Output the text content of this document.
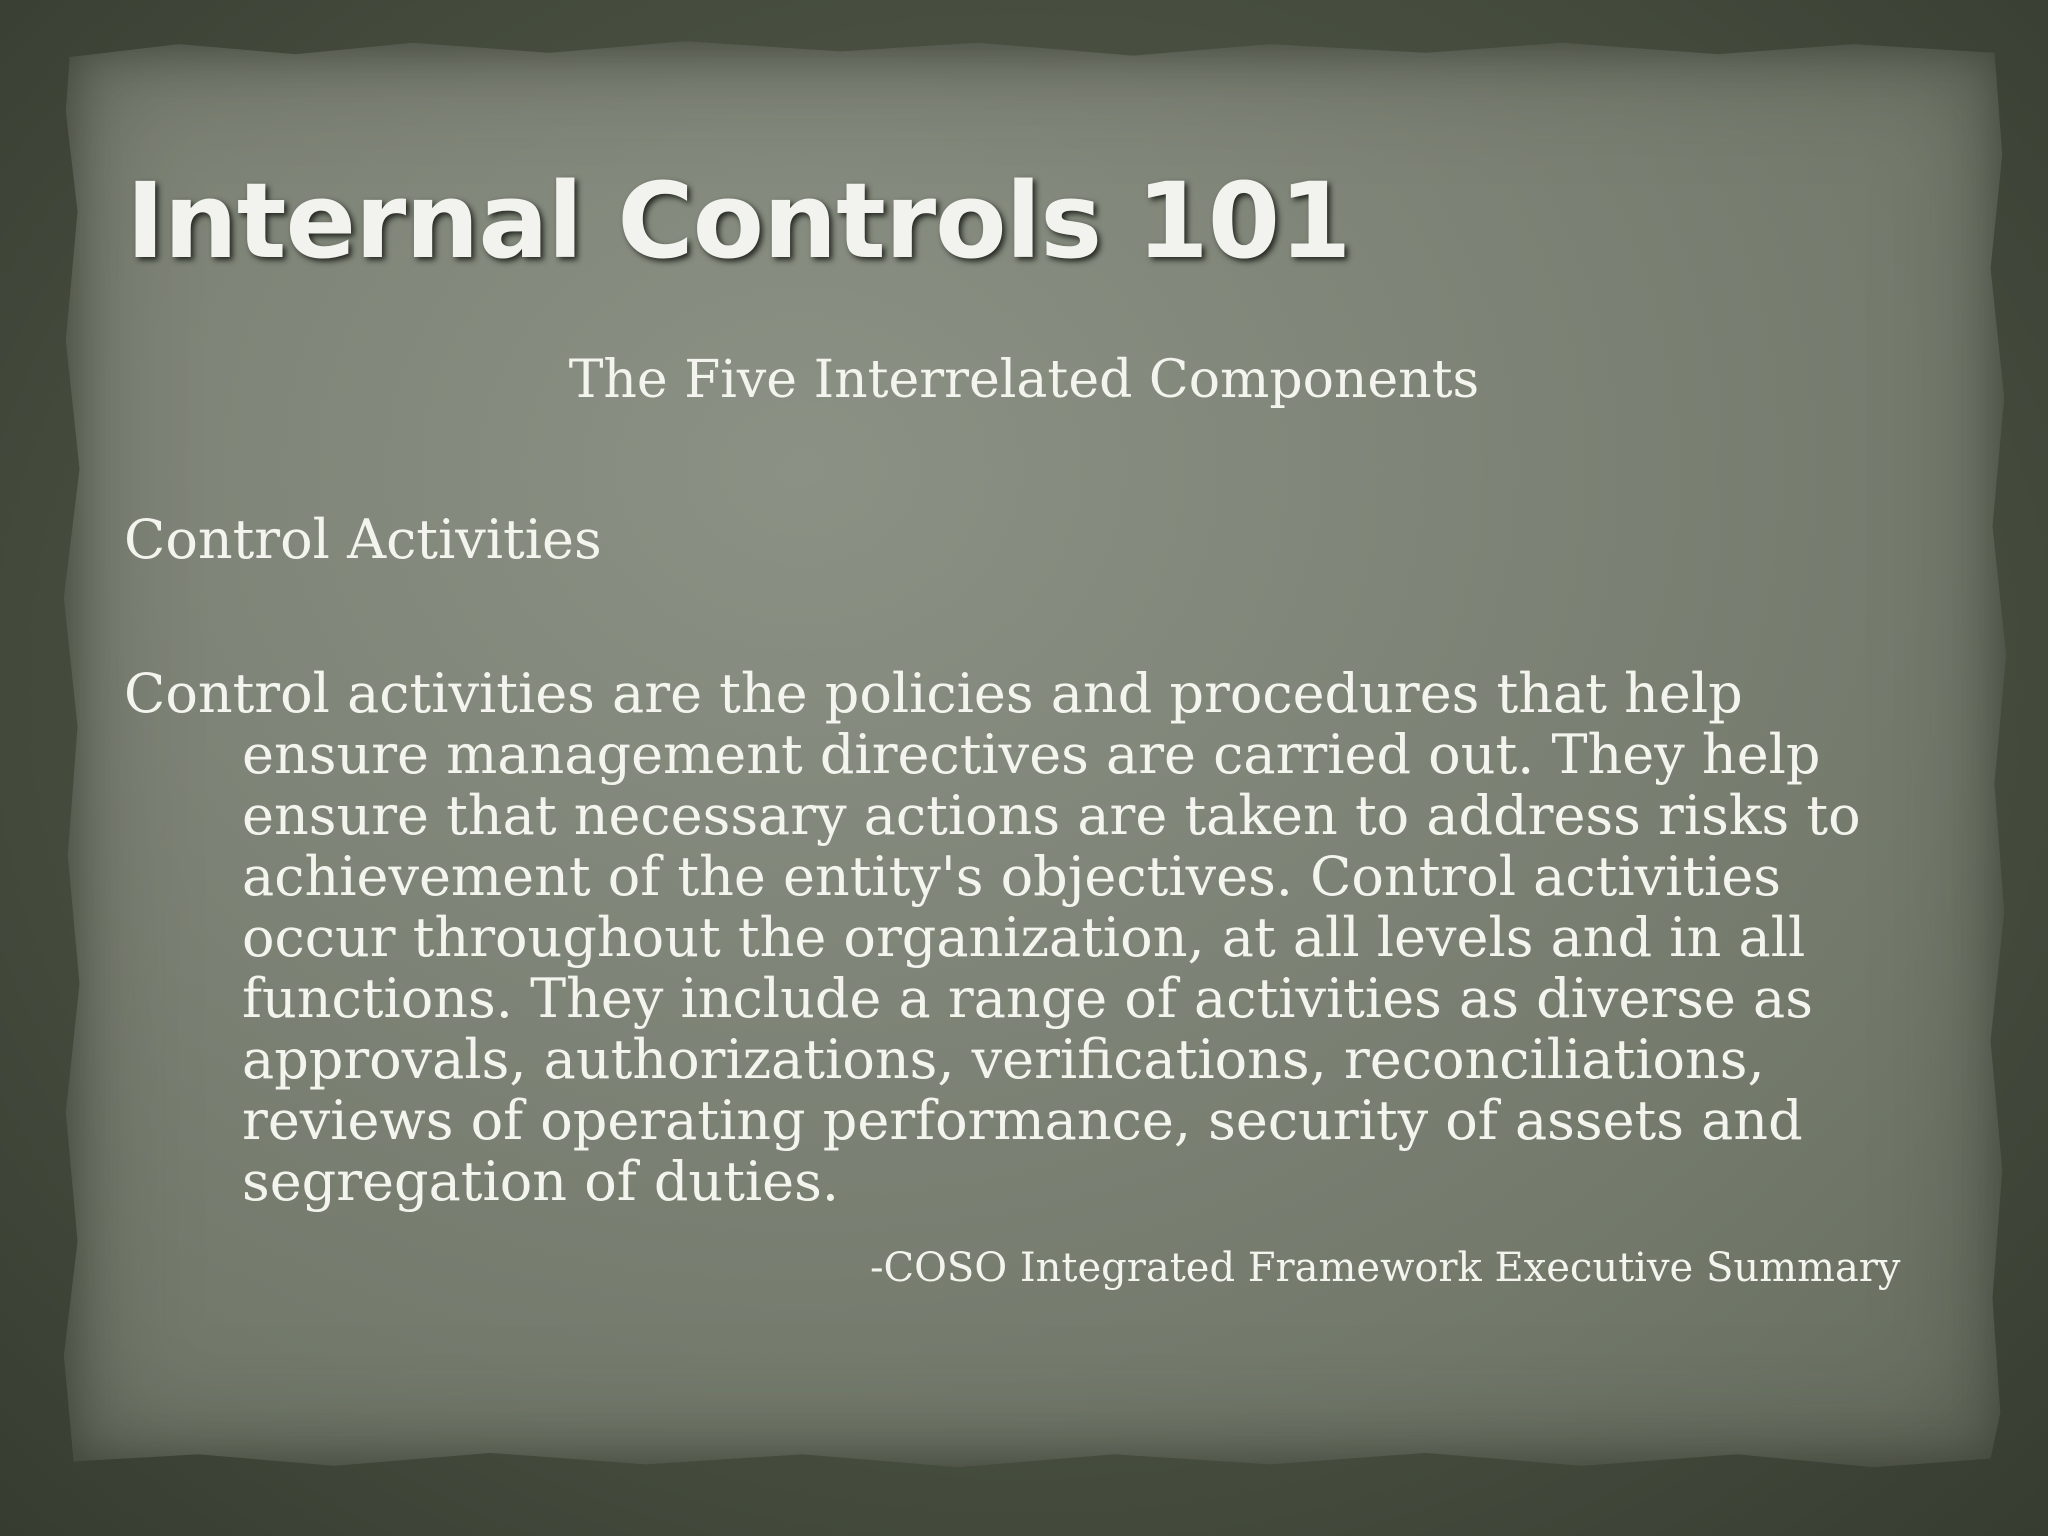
Internal Controls 101
The Five Interrelated Components
Control Activities

Control activities are the policies and procedures that help ensure management directives are carried out. They help ensure that necessary actions are taken to address risks to achievement of the entity's objectives. Control activities occur throughout the organization, at all levels and in all functions. They include a range of activities as diverse as approvals, authorizations, verifications, reconciliations, reviews of operating performance, security of assets and segregation of duties.

-COSO Integrated Framework Executive Summary
